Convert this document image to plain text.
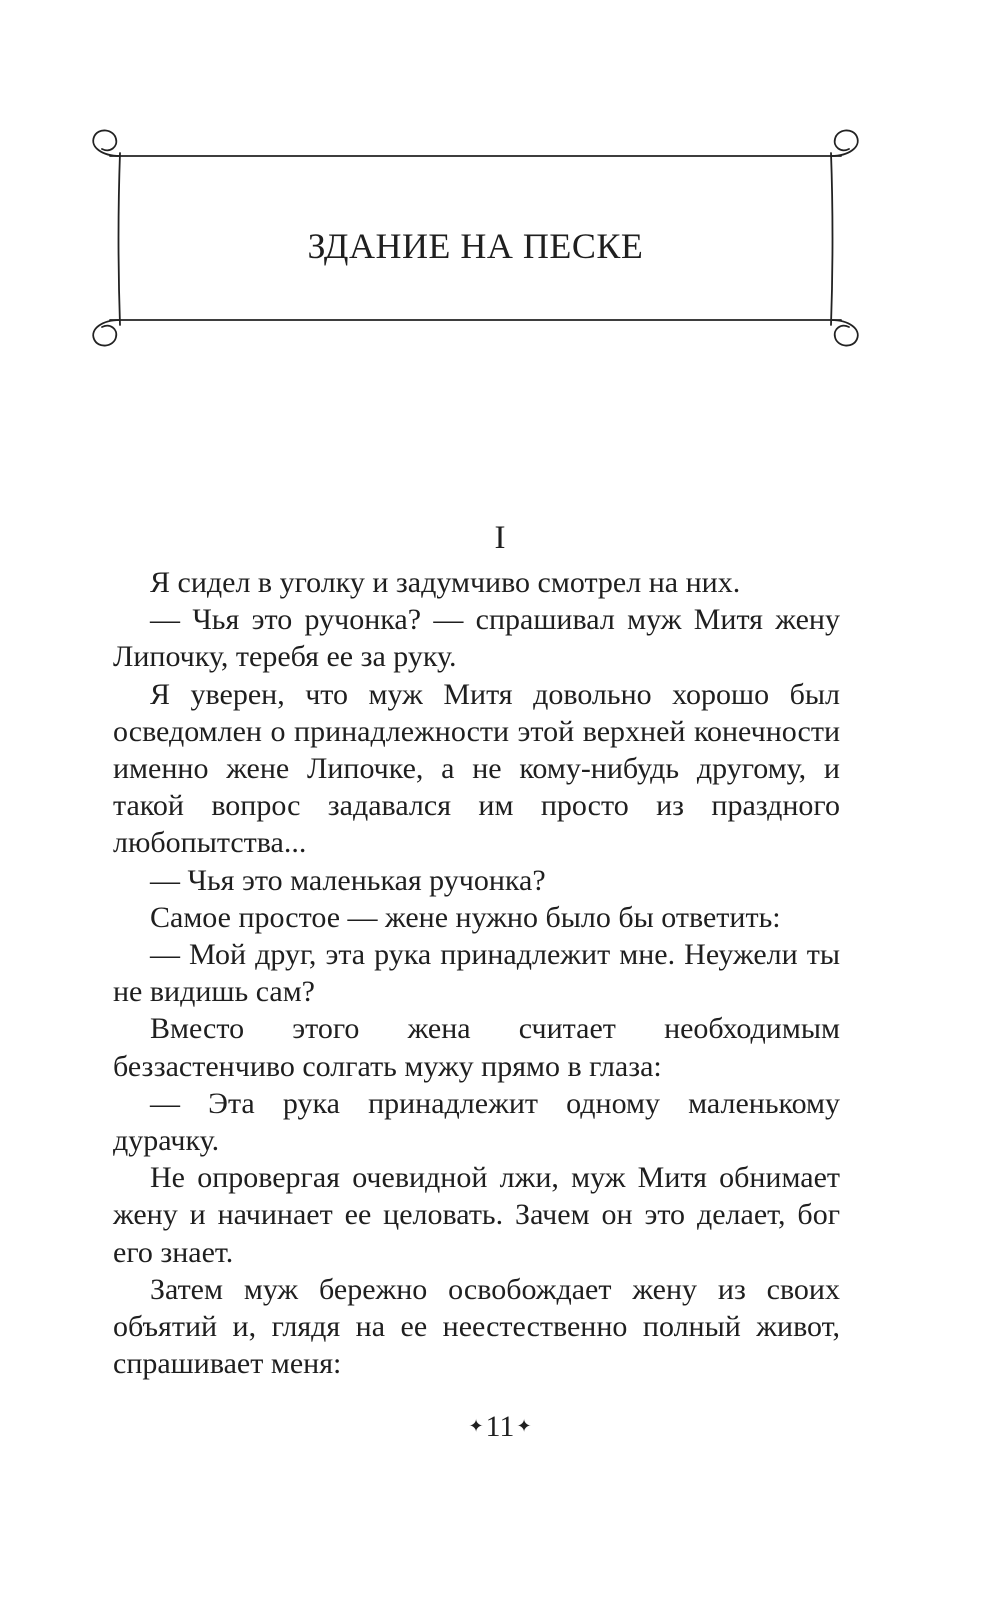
ЗДАНИЕ НА ПЕСКЕ
I

Я сидел в уголку и задумчиво смотрел на них.

— Чья это ручонка? — спрашивал муж Митя жену Липочку, теребя ее за руку.

Я уверен, что муж Митя довольно хорошо был осведомлен о принадлежности этой верхней конечности именно жене Липочке, а не кому-нибудь другому, и такой вопрос задавался им просто из праздного любопытства...

— Чья это маленькая ручонка?

Самое простое — жене нужно было бы ответить:

— Мой друг, эта рука принадлежит мне. Неужели ты не видишь сам?

Вместо этого жена считает необходимым беззастенчиво солгать мужу прямо в глаза:

— Эта рука принадлежит одному маленькому дурачку.

Не опровергая очевидной лжи, муж Митя обнимает жену и начинает ее целовать. Зачем он это делает, бог его знает.

Затем муж бережно освобождает жену из своих объятий и, глядя на ее неестественно полный живот, спрашивает меня:

✦11 ✦
